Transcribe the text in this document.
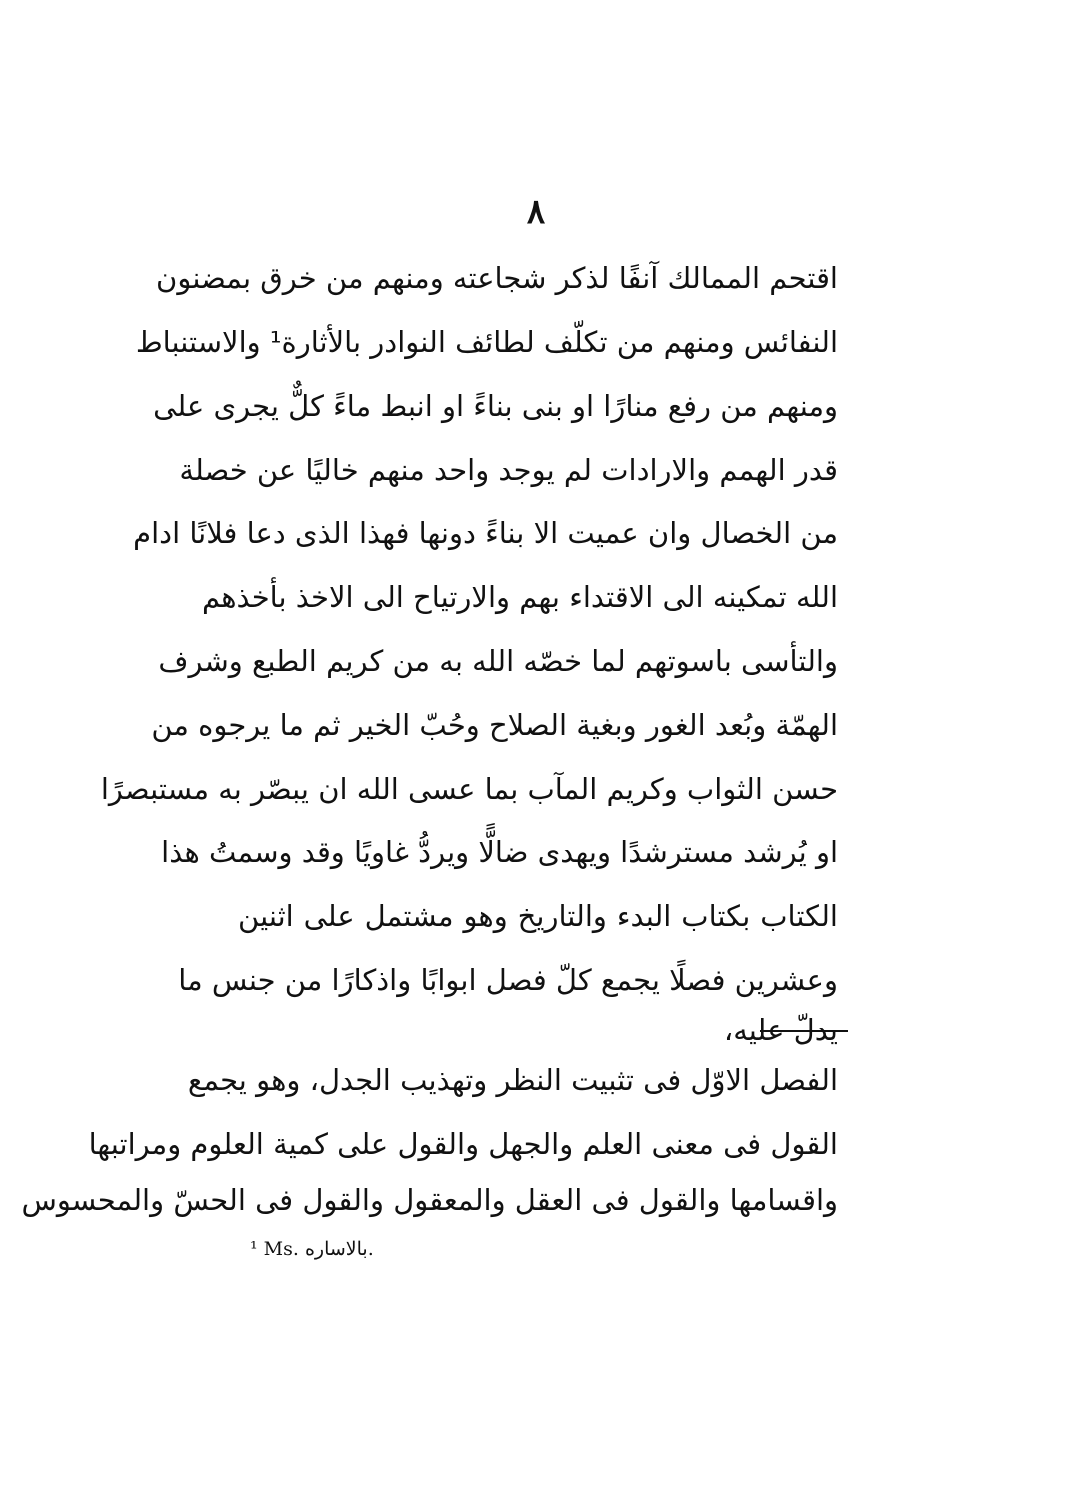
٨
اقتحم الممالك آنفًا لذكر شجاعته ومنهم من خرق بمضنون
النفائس ومنهم من تكلّف لطائف النوادر بالأثارة¹ والاستنباط
ومنهم من رفع منارًا او بنى بناءً او انبط ماءً كلٌّ يجرى على
قدر الهمم والارادات لم يوجد واحد منهم خاليًا عن خصلة
من الخصال وان عميت الا بناءً دونها فهذا الذى دعا فلانًا ادام
الله تمكينه الى الاقتداء بهم والارتياح الى الاخذ بأخذهم
والتأسى باسوتهم لما خصّه الله به من كريم الطبع وشرف
الهمّة وبُعد الغور وبغية الصلاح وحُبّ الخير ثم ما يرجوه من
حسن الثواب وكريم المآب بما عسى الله ان يبصّر به مستبصرًا
او يُرشد مسترشدًا ويهدى ضالًّا ويردُّ غاويًا وقد وسمتُ هذا
الكتاب بكتاب البدء والتاريخ وهو مشتمل على اثنين
وعشرين فصلًا يجمع كلّ فصل ابوابًا واذكارًا من جنس ما
يدلّ عليه،
الفصل الاوّل فى تثبيت النظر وتهذيب الجدل، وهو يجمع
القول فى معنى العلم والجهل والقول على كمية العلوم ومراتبها
واقسامها والقول فى العقل والمعقول والقول فى الحسّ والمحسوس
¹ Ms. بالاساره.
